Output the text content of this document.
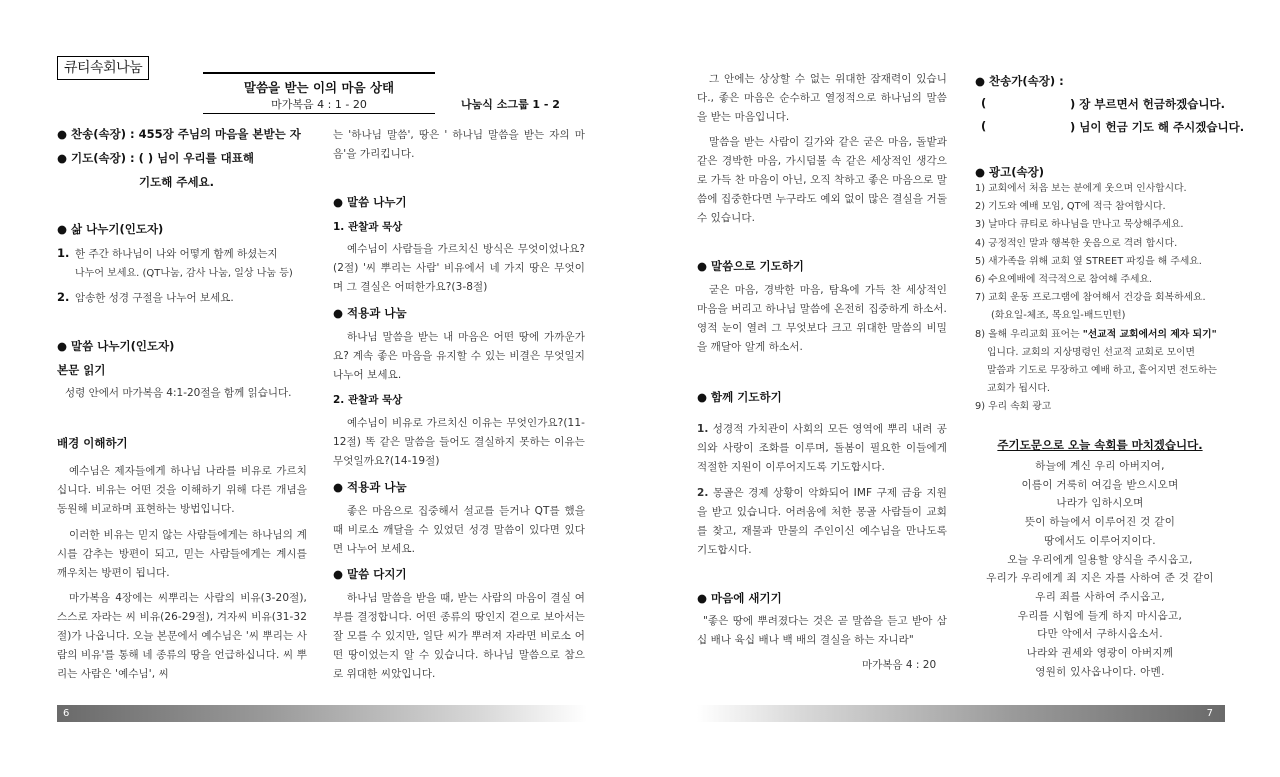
큐티속회나눔
말씀을 받는 이의 마음 상태
마가복음 4 : 1 - 20	나눔식 소그룹 1 - 2
● 찬송(속장) : 455장 주님의 마음을 본받는 자
● 기도(속장) : ( ) 님이 우리를 대표해
기도해 주세요.
● 삶 나누기(인도자)
1. 한 주간 하나님이 나와 어떻게 함께 하셨는지
나누어 보세요. (QT나눔, 감사 나눔, 일상 나눔 등)
2. 암송한 성경 구절을 나누어 보세요.
● 말씀 나누기(인도자)
본문 읽기
성령 안에서 마가복음 4:1-20절을 함께 읽습니다.
배경 이해하기
예수님은 제자들에게 하나님 나라를 비유로 가르치십니다. 비유는 어떤 것을 이해하기 위해 다른 개념을 동원해 비교하며 표현하는 방법입니다.
이러한 비유는 믿지 않는 사람들에게는 하나님의 계시를 감추는 방편이 되고, 믿는 사람들에게는 계시를 깨우치는 방편이 됩니다.
마가복음 4장에는 씨뿌리는 사람의 비유(3-20절), 스스로 자라는 씨 비유(26-29절), 겨자씨 비유(31-32절)가 나옵니다. 오늘 본문에서 예수님은 '씨 뿌리는 사람의 비유'를 통해 네 종류의 땅을 언급하십니다. 씨 뿌리는 사람은 '예수님', 씨
는 '하나님 말씀', 땅은 ' 하나님 말씀을 받는 자의 마음'을 가리킵니다.
● 말씀 나누기
1. 관찰과 묵상
예수님이 사람들을 가르치신 방식은 무엇이었나요?(2절) '씨 뿌리는 사람' 비유에서 네 가지 땅은 무엇이며 그 결실은 어떠한가요?(3-8절)
● 적용과 나눔
하나님 말씀을 받는 내 마음은 어떤 땅에 가까운가요? 계속 좋은 마음을 유지할 수 있는 비결은 무엇일지 나누어 보세요.
2. 관찰과 묵상
예수님이 비유로 가르치신 이유는 무엇인가요?(11-12절) 똑 같은 말씀을 들어도 결실하지 못하는 이유는 무엇일까요?(14-19절)
● 적용과 나눔
좋은 마음으로 집중해서 설교를 듣거나 QT를 했을 때 비로소 깨달을 수 있었던 성경 말씀이 있다면 있다면 나누어 보세요.
● 말씀 다지기
하나님 말씀을 받을 때, 받는 사람의 마음이 결실 여부를 결정합니다. 어떤 종류의 땅인지 겉으로 보아서는 잘 모를 수 있지만, 일단 씨가 뿌려져 자라면 비로소 어떤 땅이었는지 알 수 있습니다. 하나님 말씀으로 참으로 위대한 씨았입니다.
6
그 안에는 상상할 수 없는 위대한 잠재력이 있습니다., 좋은 마음은 순수하고 열정적으로 하나님의 말씀을 받는 마음입니다.
말씀을 받는 사람이 길가와 같은 굳은 마음, 돌밭과 같은 경박한 마음, 가시덤불 속 같은 세상적인 생각으로 가득 찬 마음이 아닌, 오직 착하고 좋은 마음으로 말씀에 집중한다면 누구라도 예외 없이 많은 결실을 거둘 수 있습니다.
● 말씀으로 기도하기
굳은 마음, 경박한 마음, 탐욕에 가득 찬 세상적인 마음을 버리고 하나님 말씀에 온전히 집중하게 하소서. 영적 눈이 열려 그 무엇보다 크고 위대한 말씀의 비밀을 깨달아 알게 하소서.
● 함께 기도하기
1. 성경적 가치관이 사회의 모든 영역에 뿌리 내려 공의와 사랑이 조화를 이루며, 돌봄이 필요한 이들에게 적절한 지원이 이루어지도록 기도합시다.
2. 몽골은 경제 상황이 악화되어 IMF 구제 금융 지원을 받고 있습니다. 어려움에 처한 몽골 사람들이 교회를 찾고, 재물과 만물의 주인이신 예수님을 만나도록 기도합시다.
● 마음에 새기기
"좋은 땅에 뿌려졌다는 것은 곧 말씀을 듣고 받아 삼십 배나 육십 배나 백 배의 결실을 하는 자니라"
마가복음 4 : 20
● 찬송가(속장) :
(	) 장 부르면서 헌금하겠습니다.
(	) 님이 헌금 기도 해 주시겠습니다.
● 광고(속장)
1) 교회에서 처음 보는 분에게 웃으며 인사합시다.
2) 기도와 예배 모임, QT에 적극 참여합시다.
3) 날마다 큐티로 하나님을 만나고 묵상해주세요.
4) 긍정적인 말과 행복한 웃음으로 격려 합시다.
5) 새가족을 위해 교회 옆 STREET 파킹을 해 주세요.
6) 수요예배에 적극적으로 참여해 주세요.
7) 교회 운동 프로그램에 참여해서 건강을 회복하세요.
(화요일-체조, 목요일-배드민턴)
8) 올해 우리교회 표어는 "선교적 교회에서의 제자 되기"
입니다. 교회의 지상명령인 선교적 교회로 모이면
말씀과 기도로 무장하고 예배 하고, 흩어지면 전도하는
교회가 됩시다.
9) 우리 속회 광고
주기도문으로 오늘 속회를 마치겠습니다.
하늘에 계신 우리 아버지여,
이름이 거룩히 여김을 받으시오며
나라가 임하시오며
뜻이 하늘에서 이루어진 것 같이
땅에서도 이루어지이다.
오늘 우리에게 일용할 양식을 주시옵고,
우리가 우리에게 죄 지은 자를 사하여 준 것 같이
우리 죄를 사하여 주시옵고,
우리를 시험에 들게 하지 마시옵고,
다만 악에서 구하시옵소서.
나라와 권세와 영광이 아버지께
영원히 있사옵나이다. 아멘.
7
